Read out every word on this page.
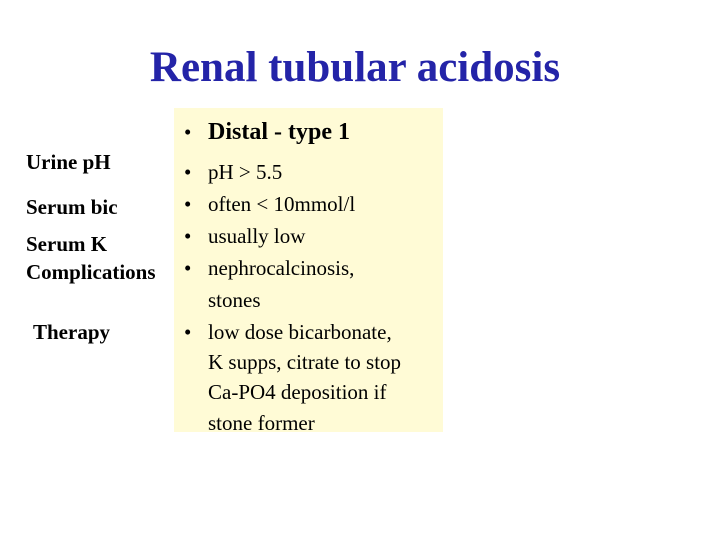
Renal tubular acidosis
• Distal - type 1
Urine pH
Serum bic
Serum K
Complications
Therapy
•
•
•
•
•
pH > 5.5
often < 10mmol/l
usually low
nephrocalcinosis,
stones
low dose bicarbonate,
K supps, citrate to stop
Ca-PO4 deposition if
stone former
